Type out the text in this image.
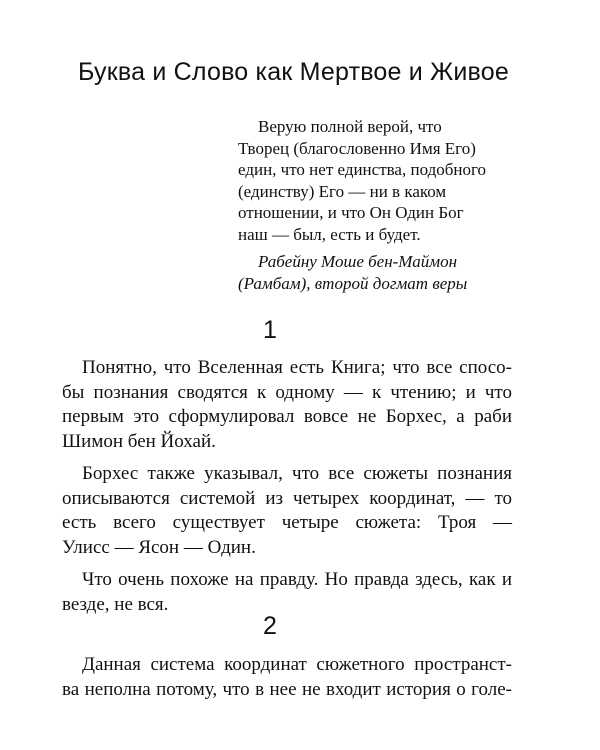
Буква и Слово как Мертвое и Живое
Верую полной верой, что
Творец (благословенно Имя Его)
един, что нет единства, подобного
(единству) Его — ни в каком
отношении, и что Он Один Бог
наш — был, есть и будет.
Рабейну Моше бен-Маймон
(Рамбам), второй догмат веры
1
Понятно, что Вселенная есть Книга; что все спосо-
бы познания сводятся к одному — к чтению; и что
первым это сформулировал вовсе не Борхес, а раби
Шимон бен Йохай.
Борхес также указывал, что все сюжеты познания
описываются системой из четырех координат, — то
есть всего существует четыре сюжета: Троя —
Улисс — Ясон — Один.
Что очень похоже на правду. Но правда здесь, как и
везде, не вся.
2
Данная система координат сюжетного пространст-
ва неполна потому, что в нее не входит история о голе-
